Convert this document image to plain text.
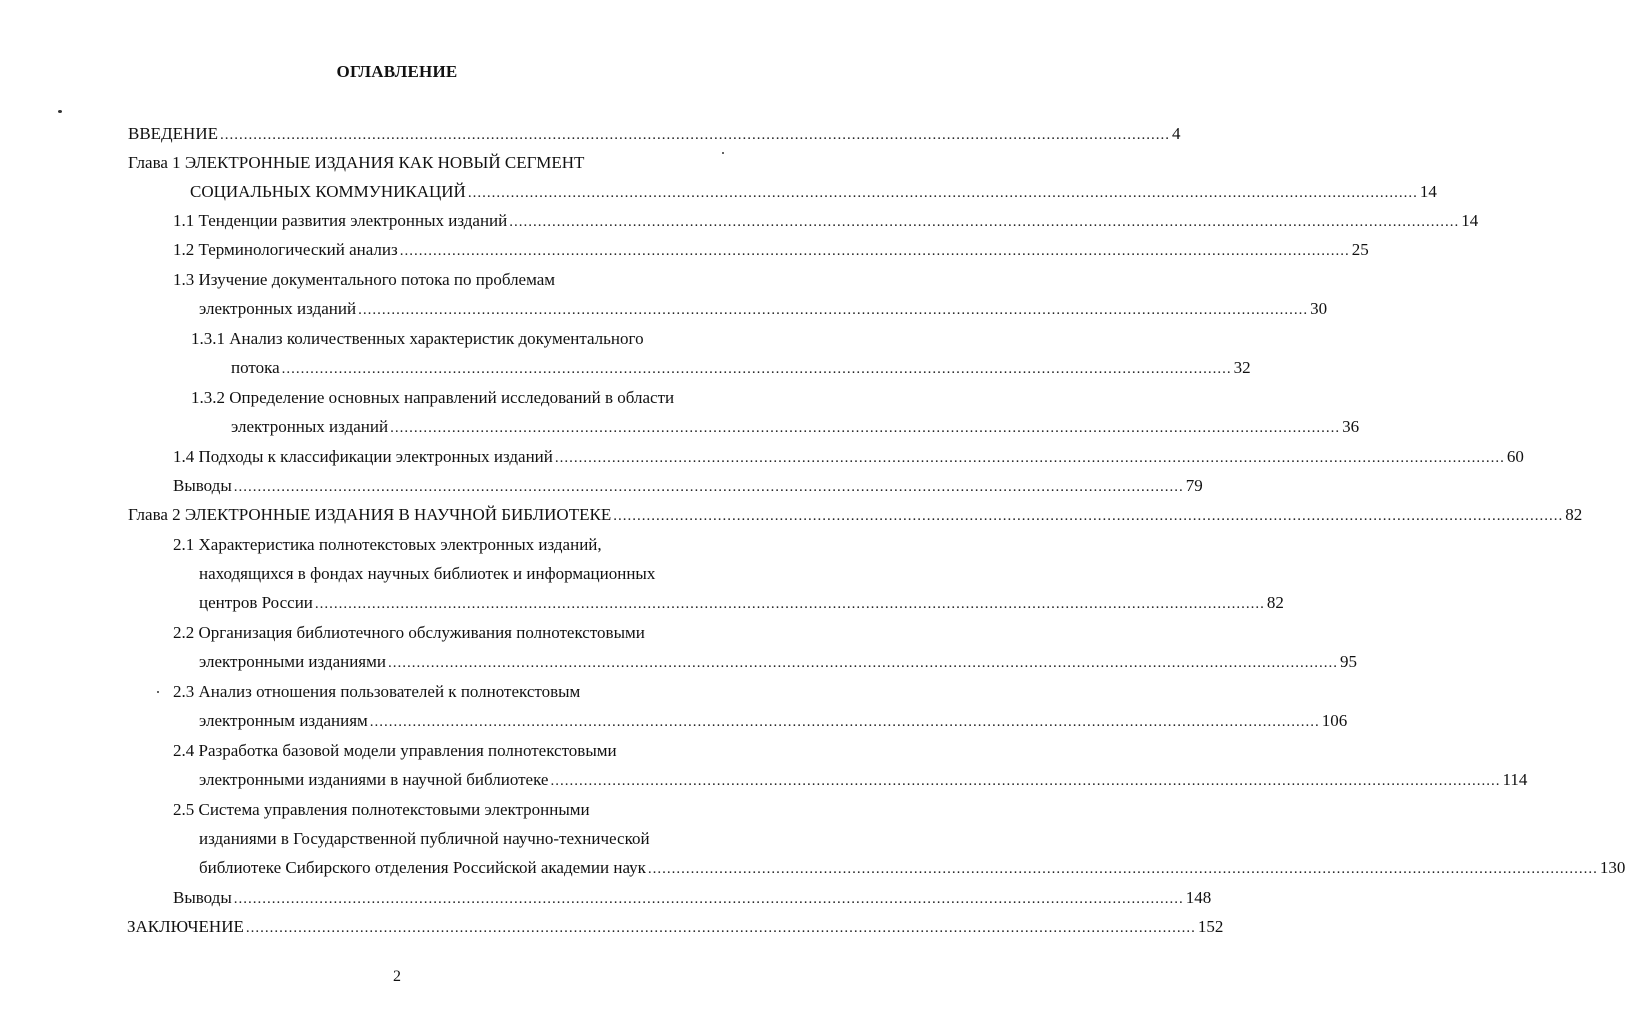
ОГЛАВЛЕНИЕ
ВВЕДЕНИЕ ........................................................................................................................................................................................................ 4
Глава 1 ЭЛЕКТРОННЫЕ ИЗДАНИЯ КАК НОВЫЙ СЕГМЕНТ
СОЦИАЛЬНЫХ КОММУНИКАЦИЙ ........................................................................................................................................................................................................ 14
1.1 Тенденции развития электронных изданий ........................................................................................................................................................................................................ 14
1.2 Терминологический анализ ........................................................................................................................................................................................................ 25
1.3 Изучение документального потока по проблемам
электронных изданий ........................................................................................................................................................................................................ 30
1.3.1 Анализ количественных характеристик документального
потока ........................................................................................................................................................................................................ 32
1.3.2 Определение основных направлений исследований в области
электронных изданий ........................................................................................................................................................................................................ 36
1.4 Подходы к классификации электронных изданий ........................................................................................................................................................................................................ 60
Выводы ........................................................................................................................................................................................................ 79
Глава 2 ЭЛЕКТРОННЫЕ ИЗДАНИЯ В НАУЧНОЙ БИБЛИОТЕКЕ ........................................................................................................................................................................................................ 82
2.1 Характеристика полнотекстовых электронных изданий,
находящихся в фондах научных библиотек и информационных
центров России ........................................................................................................................................................................................................ 82
2.2 Организация библиотечного обслуживания полнотекстовыми
электронными изданиями ........................................................................................................................................................................................................ 95
2.3 Анализ отношения пользователей к полнотекстовым
электронным изданиям ........................................................................................................................................................................................................ 106
2.4 Разработка базовой модели управления полнотекстовыми
электронными изданиями в научной библиотеке ........................................................................................................................................................................................................ 114
2.5 Система управления полнотекстовыми электронными
изданиями в Государственной публичной научно-технической
библиотеке Сибирского отделения Российской академии наук ........................................................................................................................................................................................................ 130
Выводы ........................................................................................................................................................................................................ 148
ЗАКЛЮЧЕНИЕ ........................................................................................................................................................................................................ 152
2
